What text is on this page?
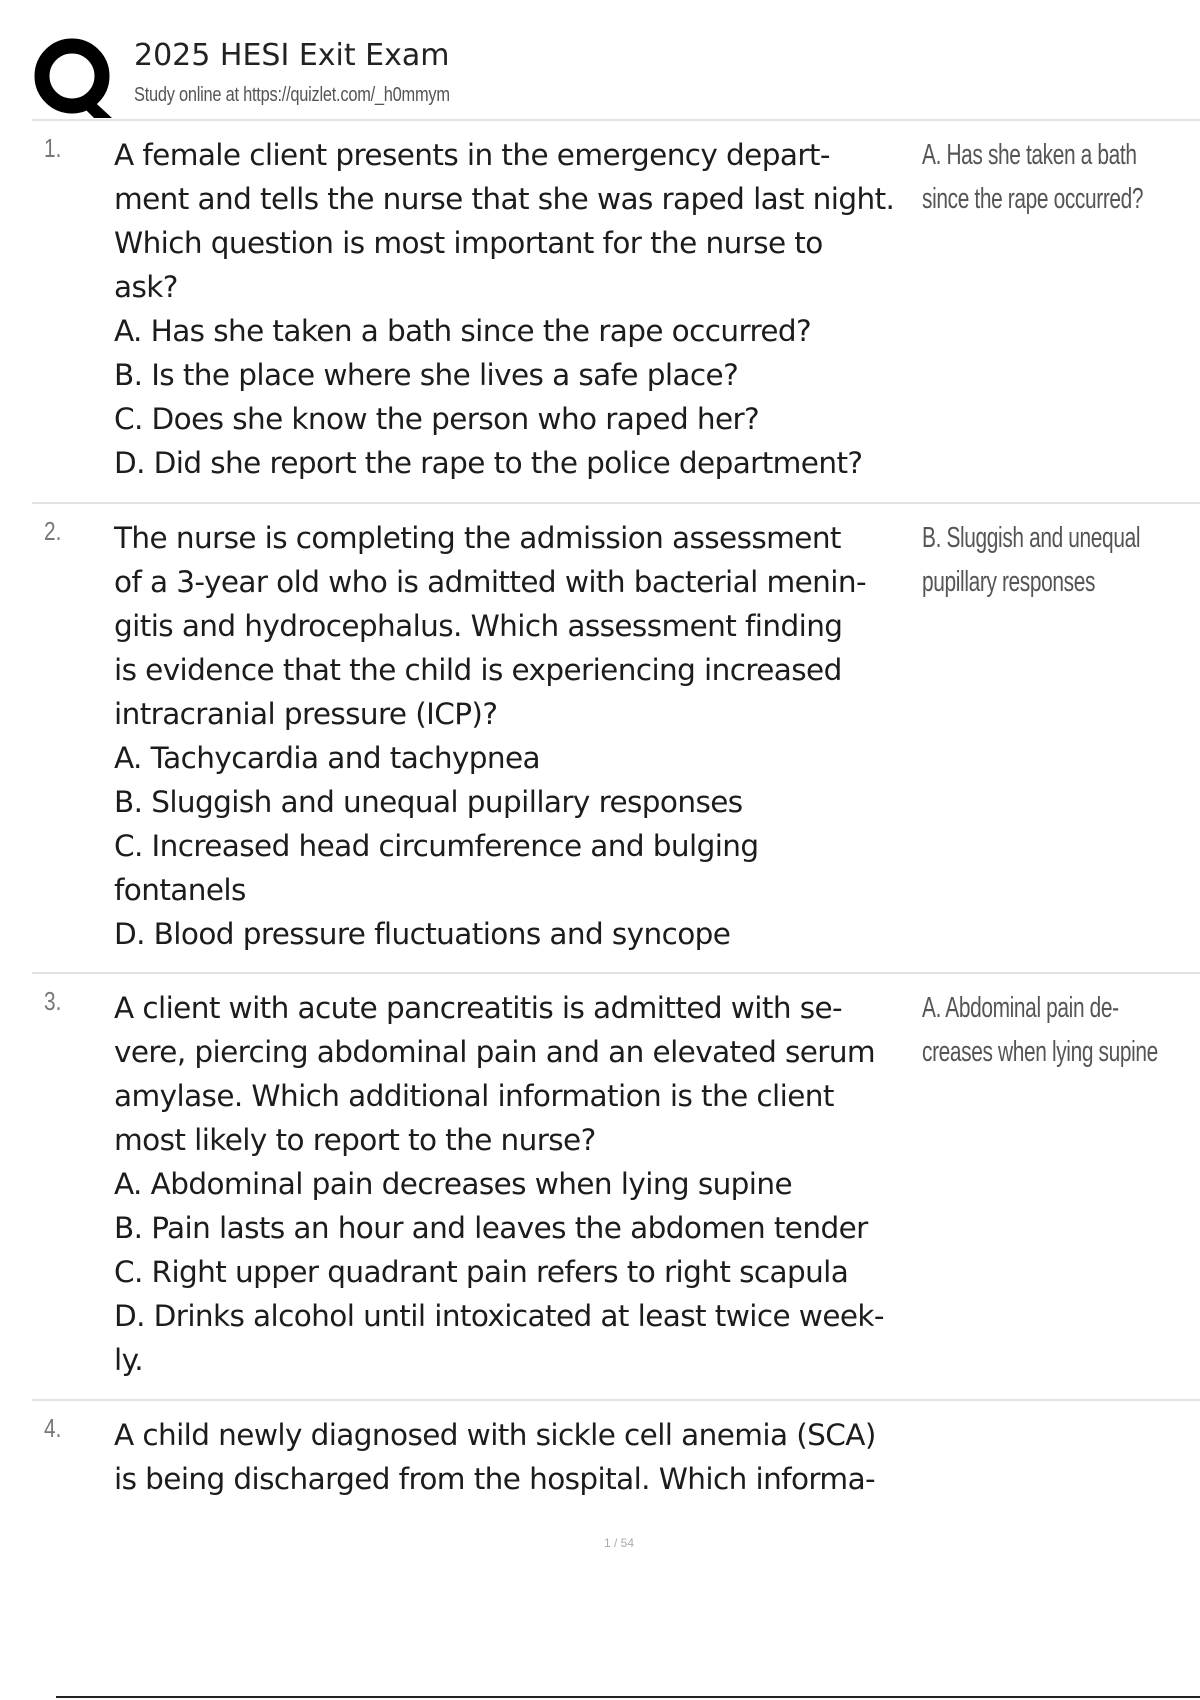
2025 HESI Exit Exam
Study online at https://quizlet.com/_h0mmym
1. A female client presents in the emergency depart-
ment and tells the nurse that she was raped last night.
Which question is most important for the nurse to
ask?
A. Has she taken a bath since the rape occurred?
B. Is the place where she lives a safe place?
C. Does she know the person who raped her?
D. Did she report the rape to the police department?
A. Has she taken a bath
since the rape occurred?
2. The nurse is completing the admission assessment
of a 3-year old who is admitted with bacterial menin-
gitis and hydrocephalus. Which assessment finding
is evidence that the child is experiencing increased
intracranial pressure (ICP)?
A. Tachycardia and tachypnea
B. Sluggish and unequal pupillary responses
C. Increased head circumference and bulging
fontanels
D. Blood pressure fluctuations and syncope
B. Sluggish and unequal
pupillary responses
3. A client with acute pancreatitis is admitted with se-
vere, piercing abdominal pain and an elevated serum
amylase. Which additional information is the client
most likely to report to the nurse?
A. Abdominal pain decreases when lying supine
B. Pain lasts an hour and leaves the abdomen tender
C. Right upper quadrant pain refers to right scapula
D. Drinks alcohol until intoxicated at least twice week-
ly.
A. Abdominal pain de-
creases when lying supine
4. A child newly diagnosed with sickle cell anemia (SCA)
is being discharged from the hospital. Which informa-
1 / 54
